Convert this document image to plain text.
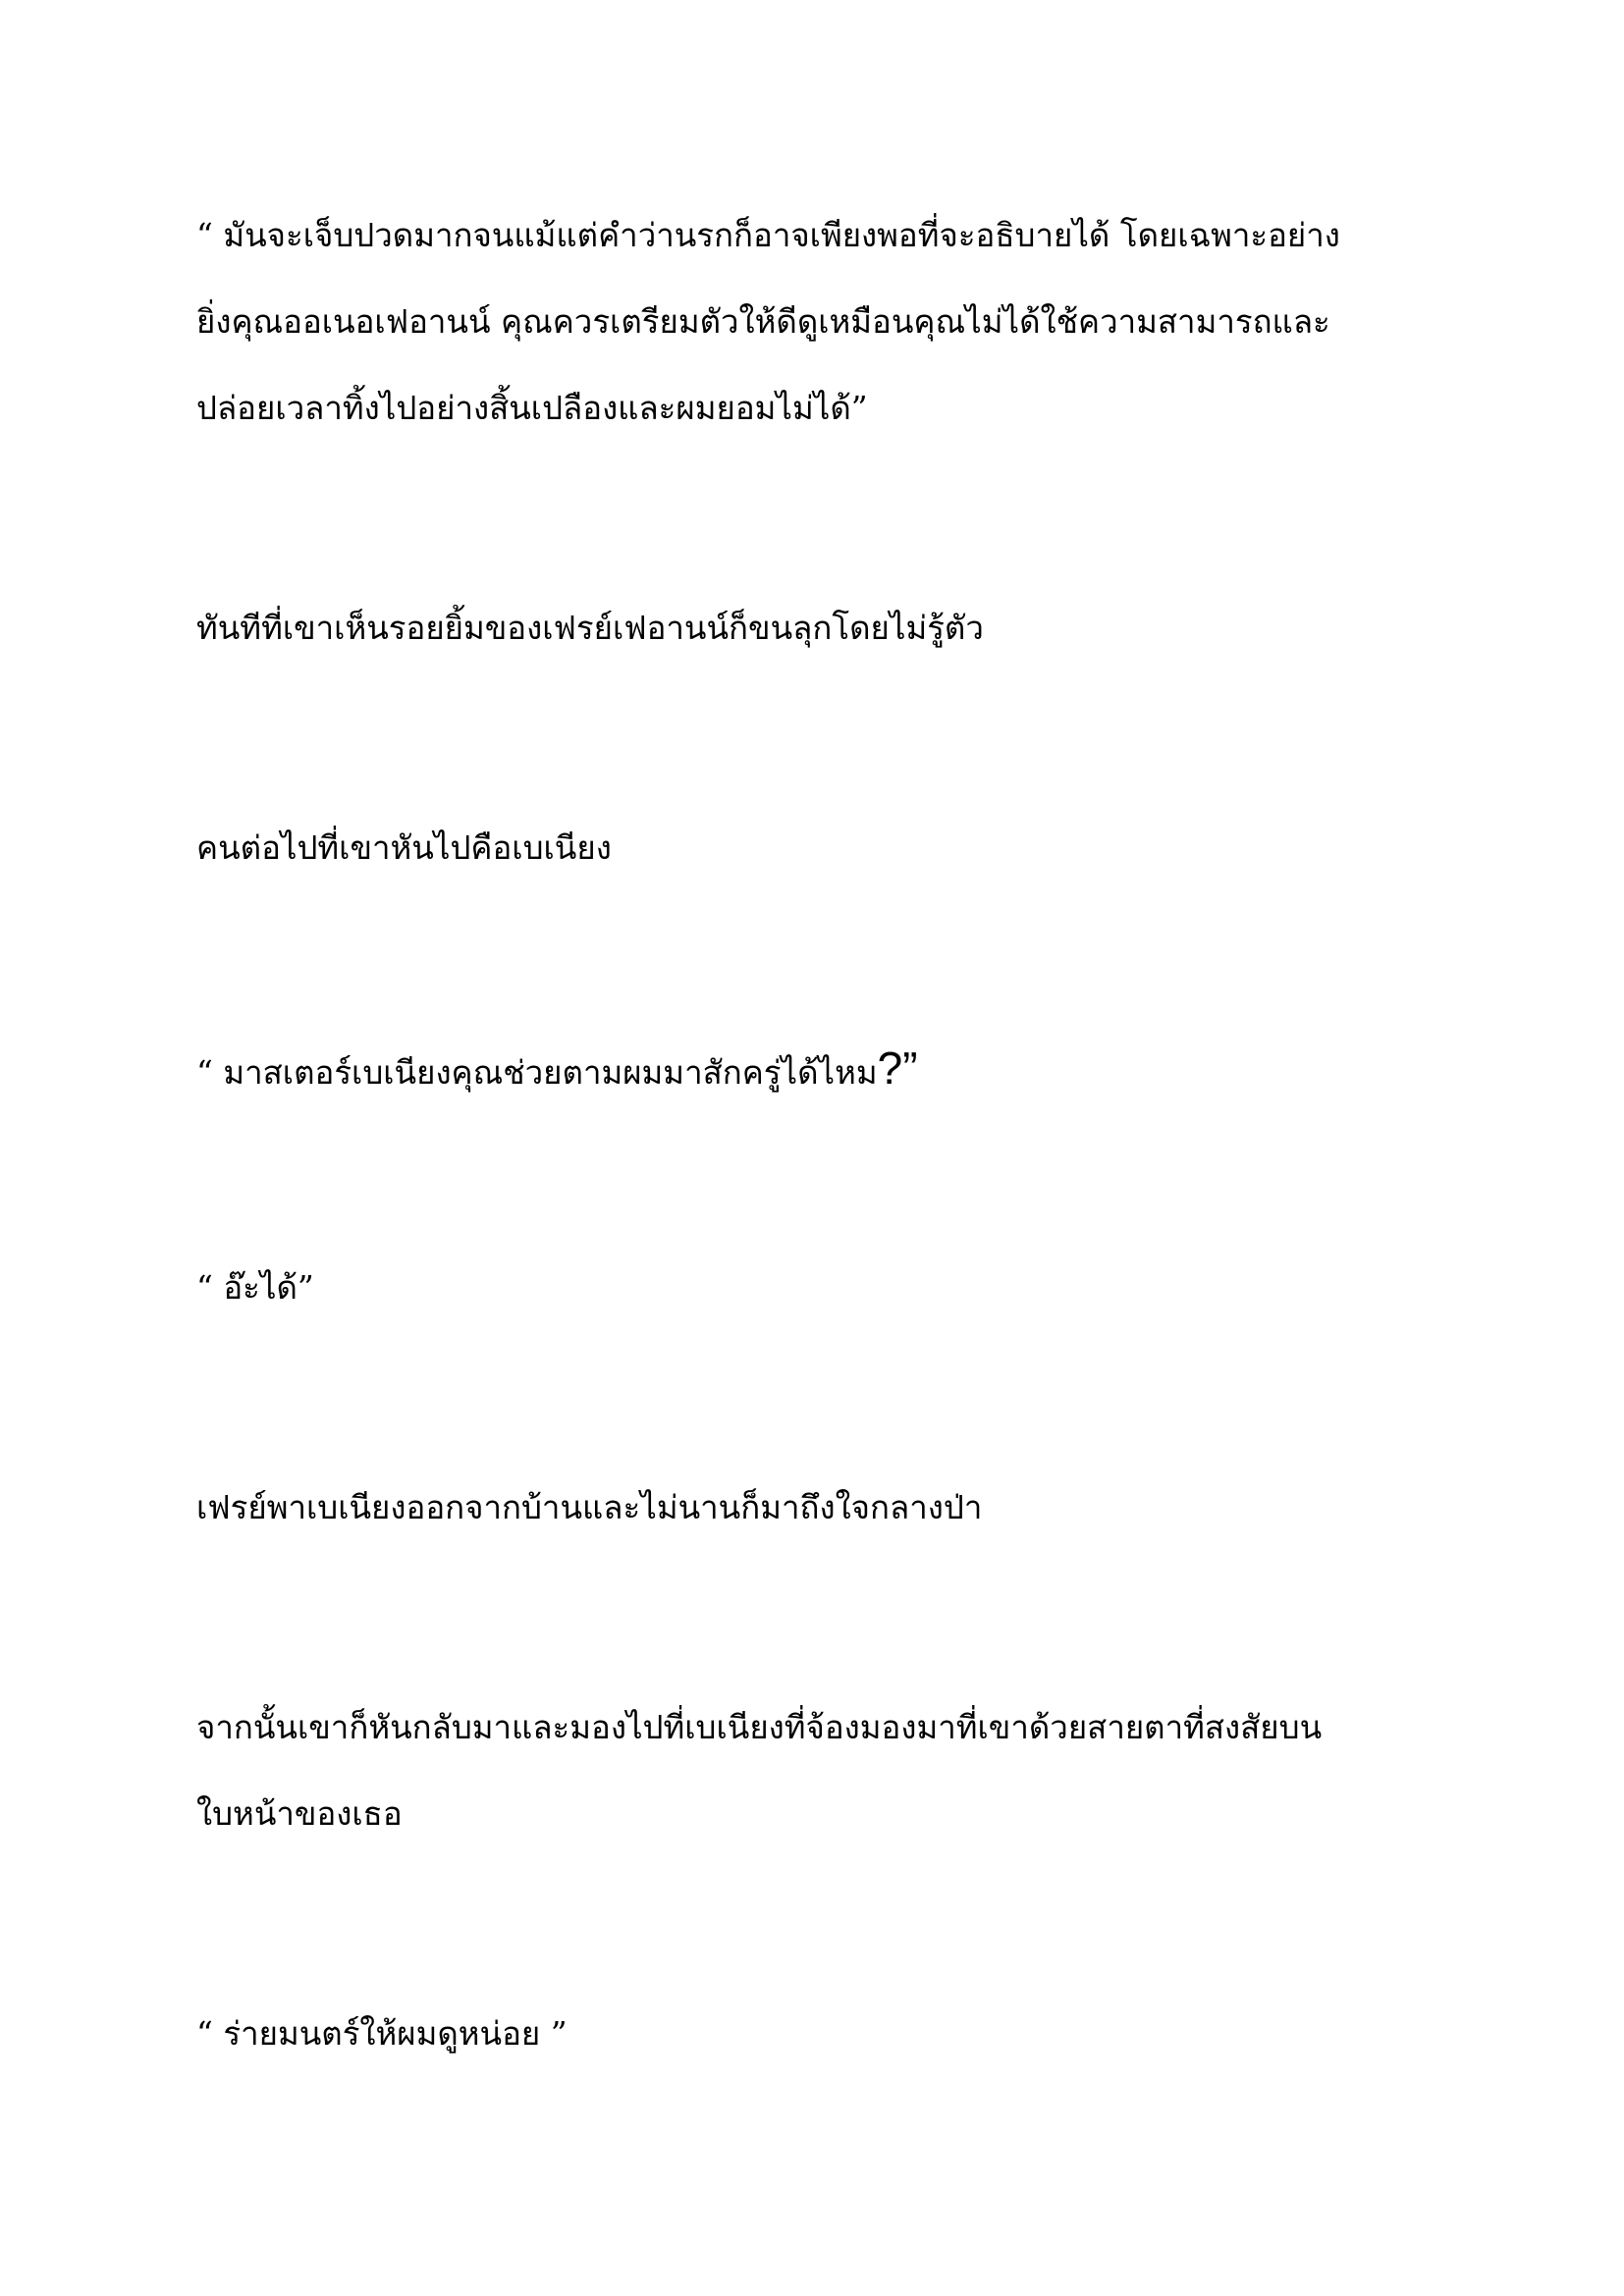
“ มันจะเจ็บปวดมากจนแม้แต่คำว่านรกก็อาจเพียงพอที่จะอธิบายได้ โดยเฉพาะอย่าง
ยิ่งคุณออเนอเฟอานน์ คุณควรเตรียมตัวให้ดีดูเหมือนคุณไม่ได้ใช้ความสามารถและ
ปล่อยเวลาทิ้งไปอย่างสิ้นเปลืองและผมยอมไม่ได้”

ทันทีที่เขาเห็นรอยยิ้มของเฟรย์เฟอานน์ก็ขนลุกโดยไม่รู้ตัว

คนต่อไปที่เขาหันไปคือเบเนียง

“ มาสเตอร์เบเนียงคุณช่วยตามผมมาสักครู่ได้ไหม?”

“ อ๊ะได้”

เฟรย์พาเบเนียงออกจากบ้านและไม่นานก็มาถึงใจกลางป่า

จากนั้นเขาก็หันกลับมาและมองไปที่เบเนียงที่จ้องมองมาที่เขาด้วยสายตาที่สงสัยบน
ใบหน้าของเธอ

“ ร่ายมนตร์ให้ผมดูหน่อย ”
